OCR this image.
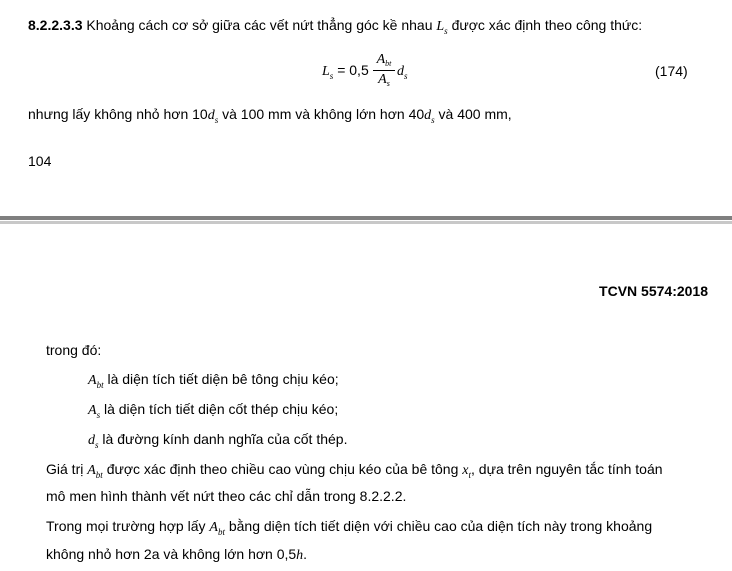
8.2.2.3.3 Khoảng cách cơ sở giữa các vết nứt thẳng góc kề nhau $L_s$ được xác định theo công thức:
$L_s = 0,5$
$A_{bt}$
$A_s$
$d_s$	(174)
nhưng lấy không nhỏ hơn $10d_s$ và 100 mm và không lớn hơn $40d_s$ và 400 mm,
104
TCVN 5574:2018
trong đó:
$A_{bt}$ là diện tích tiết diện bê tông chịu kéo;
$A_s$ là diện tích tiết diện cốt thép chịu kéo;
$d_s$ là đường kính danh nghĩa của cốt thép.
Giá trị $A_{bt}$ được xác định theo chiều cao vùng chịu kéo của bê tông $x_t$, dựa trên nguyên tắc tính toán
mô men hình thành vết nứt theo các chỉ dẫn trong 8.2.2.2.
Trong mọi trường hợp lấy $A_{bt}$ bằng diện tích tiết diện với chiều cao của diện tích này trong khoảng
không nhỏ hơn 2a và không lớn hơn 0,5h.
